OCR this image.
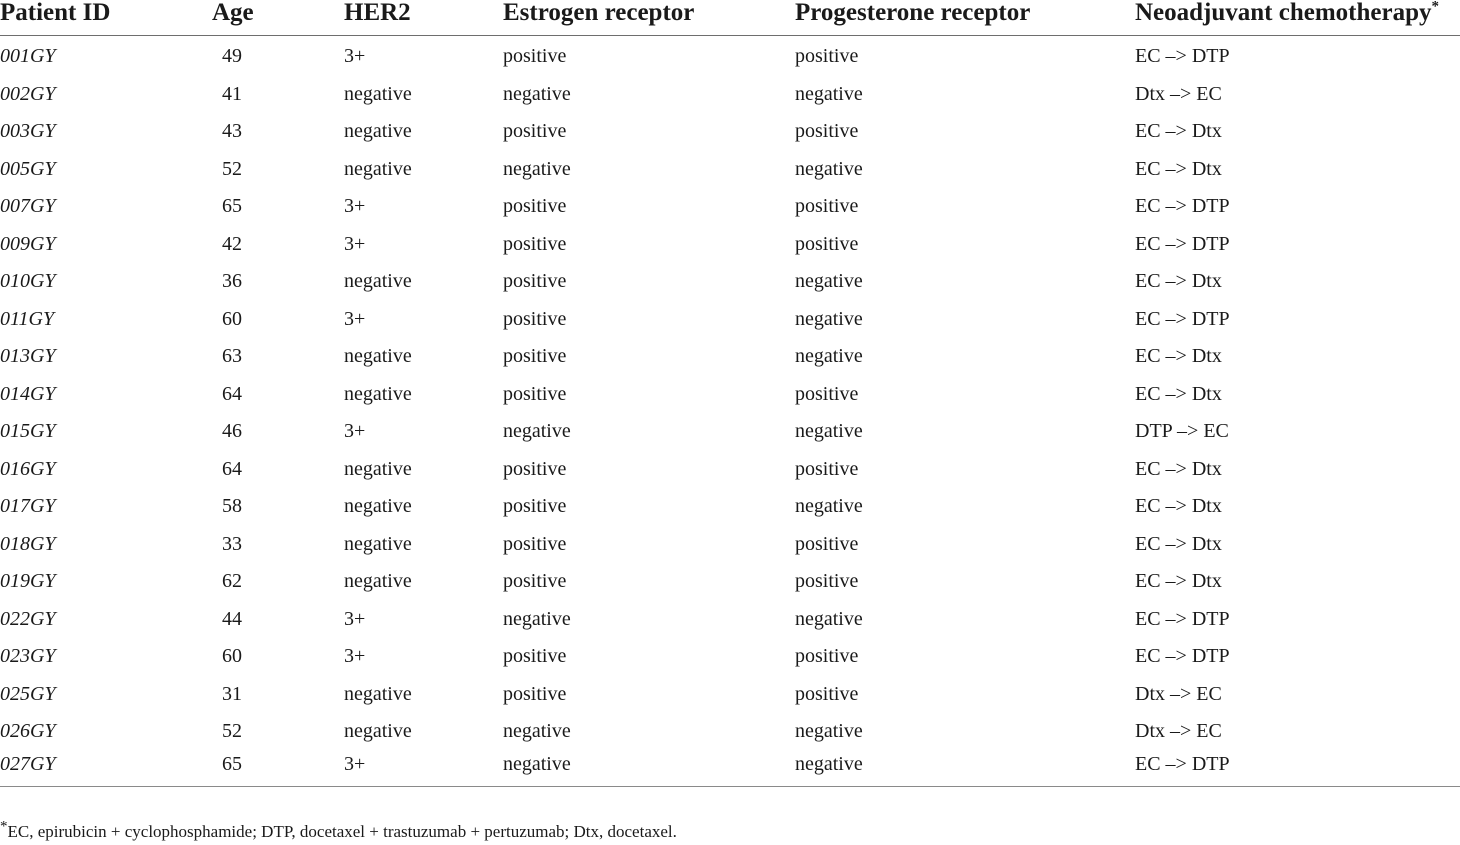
Patient ID	Age	HER2	Estrogen receptor	Progesterone receptor	Neoadjuvant chemotherapy*
001GY	49	3+	positive	positive	EC –> DTP
002GY	41	negative	negative	negative	Dtx –> EC
003GY	43	negative	positive	positive	EC –> Dtx
005GY	52	negative	negative	negative	EC –> Dtx
007GY	65	3+	positive	positive	EC –> DTP
009GY	42	3+	positive	positive	EC –> DTP
010GY	36	negative	positive	negative	EC –> Dtx
011GY	60	3+	positive	negative	EC –> DTP
013GY	63	negative	positive	negative	EC –> Dtx
014GY	64	negative	positive	positive	EC –> Dtx
015GY	46	3+	negative	negative	DTP –> EC
016GY	64	negative	positive	positive	EC –> Dtx
017GY	58	negative	positive	negative	EC –> Dtx
018GY	33	negative	positive	positive	EC –> Dtx
019GY	62	negative	positive	positive	EC –> Dtx
022GY	44	3+	negative	negative	EC –> DTP
023GY	60	3+	positive	positive	EC –> DTP
025GY	31	negative	positive	positive	Dtx –> EC
026GY	52	negative	negative	negative	Dtx –> EC
027GY	65	3+	negative	negative	EC –> DTP
*EC, epirubicin + cyclophosphamide; DTP, docetaxel + trastuzumab + pertuzumab; Dtx, docetaxel.
